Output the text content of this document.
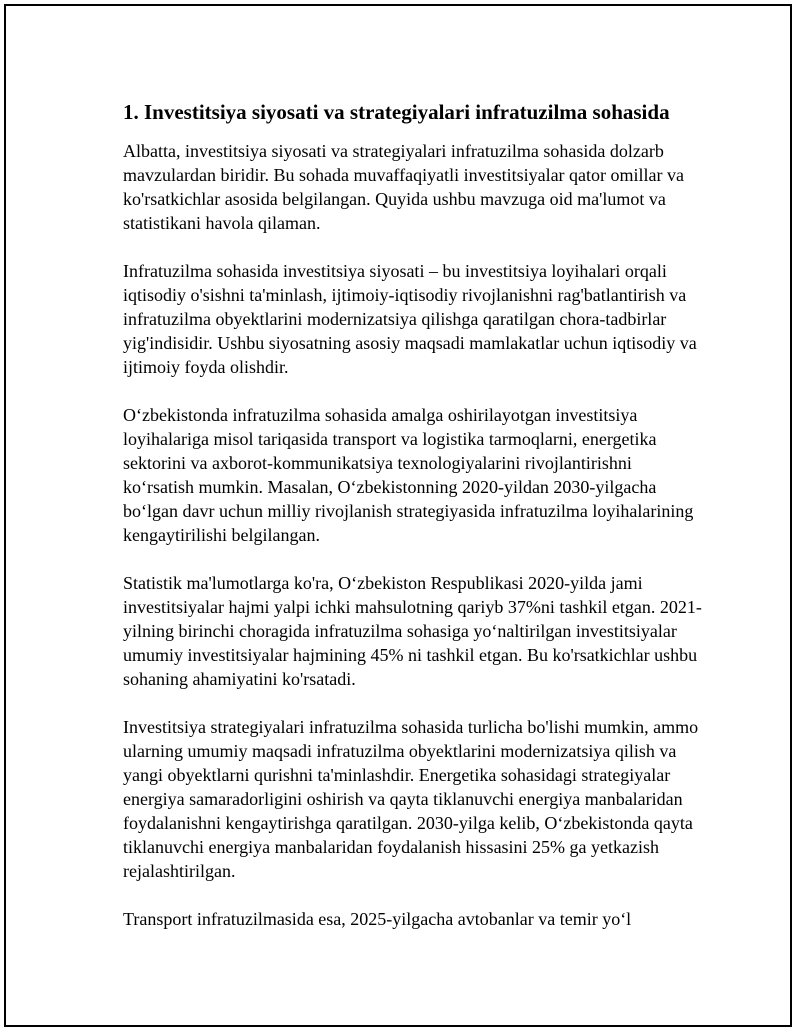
1. Investitsiya siyosati va strategiyalari infratuzilma sohasida

Albatta, investitsiya siyosati va strategiyalari infratuzilma sohasida dolzarb mavzulardan biridir. Bu sohada muvaffaqiyatli investitsiyalar qator omillar va ko'rsatkichlar asosida belgilangan. Quyida ushbu mavzuga oid ma'lumot va statistikani havola qilaman.

Infratuzilma sohasida investitsiya siyosati – bu investitsiya loyihalari orqali iqtisodiy o'sishni ta'minlash, ijtimoiy-iqtisodiy rivojlanishni rag'batlantirish va infratuzilma obyektlarini modernizatsiya qilishga qaratilgan chora-tadbirlar yig'indisidir. Ushbu siyosatning asosiy maqsadi mamlakatlar uchun iqtisodiy va ijtimoiy foyda olishdir.

O‘zbekistonda infratuzilma sohasida amalga oshirilayotgan investitsiya loyihalariga misol tariqasida transport va logistika tarmoqlarni, energetika sektorini va axborot-kommunikatsiya texnologiyalarini rivojlantirishni ko‘rsatish mumkin. Masalan, O‘zbekistonning 2020-yildan 2030-yilgacha bo‘lgan davr uchun milliy rivojlanish strategiyasida infratuzilma loyihalarining kengaytirilishi belgilangan.

Statistik ma'lumotlarga ko'ra, O‘zbekiston Respublikasi 2020-yilda jami investitsiyalar hajmi yalpi ichki mahsulotning qariyb 37%ni tashkil etgan. 2021-yilning birinchi choragida infratuzilma sohasiga yo‘naltirilgan investitsiyalar umumiy investitsiyalar hajmining 45% ni tashkil etgan. Bu ko'rsatkichlar ushbu sohaning ahamiyatini ko'rsatadi.

Investitsiya strategiyalari infratuzilma sohasida turlicha bo'lishi mumkin, ammo ularning umumiy maqsadi infratuzilma obyektlarini modernizatsiya qilish va yangi obyektlarni qurishni ta'minlashdir. Energetika sohasidagi strategiyalar energiya samaradorligini oshirish va qayta tiklanuvchi energiya manbalaridan foydalanishni kengaytirishga qaratilgan. 2030-yilga kelib, O‘zbekistonda qayta tiklanuvchi energiya manbalaridan foydalanish hissasini 25% ga yetkazish rejalashtirilgan.

Transport infratuzilmasida esa, 2025-yilgacha avtobanlar va temir yo‘l
